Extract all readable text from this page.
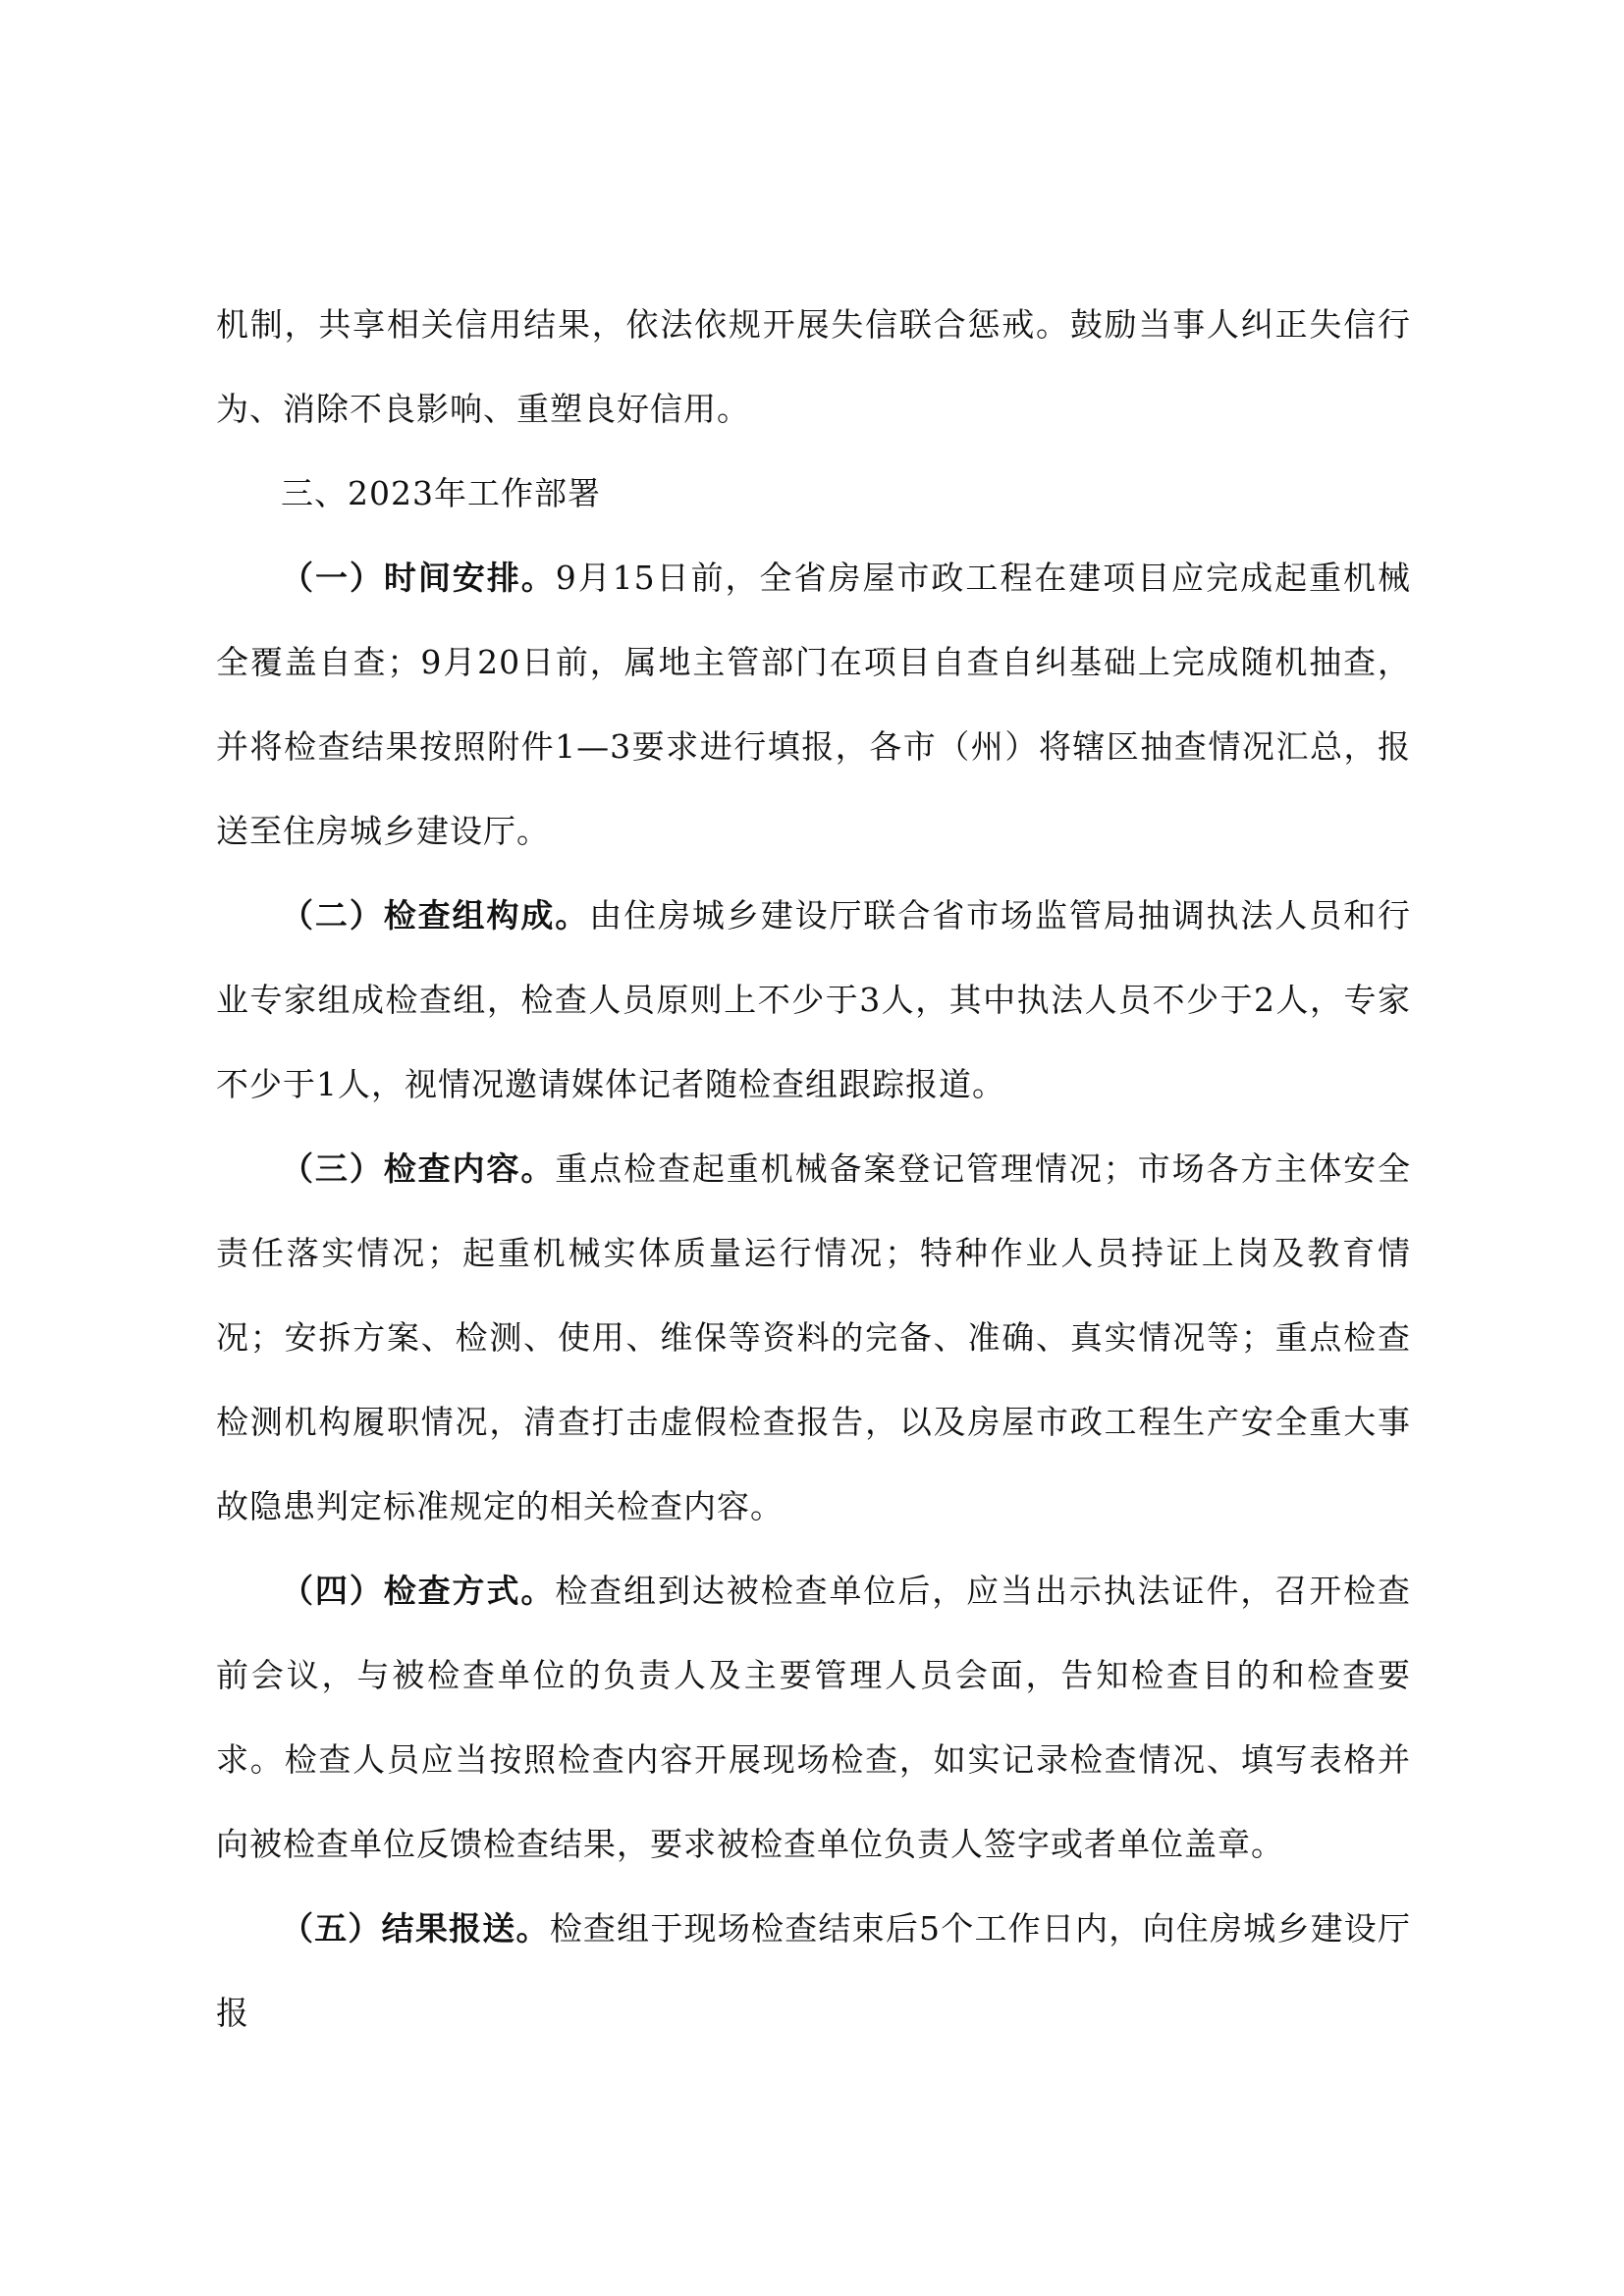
机制，共享相关信用结果，依法依规开展失信联合惩戒。鼓励当事人纠正失信行为、消除不良影响、重塑良好信用。

三、2023年工作部署

（一）时间安排。9月15日前，全省房屋市政工程在建项目应完成起重机械全覆盖自查；9月20日前，属地主管部门在项目自查自纠基础上完成随机抽查，并将检查结果按照附件1—3要求进行填报，各市（州）将辖区抽查情况汇总，报送至住房城乡建设厅。

（二）检查组构成。由住房城乡建设厅联合省市场监管局抽调执法人员和行业专家组成检查组，检查人员原则上不少于3人，其中执法人员不少于2人，专家不少于1人，视情况邀请媒体记者随检查组跟踪报道。

（三）检查内容。重点检查起重机械备案登记管理情况；市场各方主体安全责任落实情况；起重机械实体质量运行情况；特种作业人员持证上岗及教育情况；安拆方案、检测、使用、维保等资料的完备、准确、真实情况等；重点检查检测机构履职情况，清查打击虚假检查报告，以及房屋市政工程生产安全重大事故隐患判定标准规定的相关检查内容。

（四）检查方式。检查组到达被检查单位后，应当出示执法证件，召开检查前会议，与被检查单位的负责人及主要管理人员会面，告知检查目的和检查要求。检查人员应当按照检查内容开展现场检查，如实记录检查情况、填写表格并向被检查单位反馈检查结果，要求被检查单位负责人签字或者单位盖章。

（五）结果报送。检查组于现场检查结束后5个工作日内，向住房城乡建设厅报
